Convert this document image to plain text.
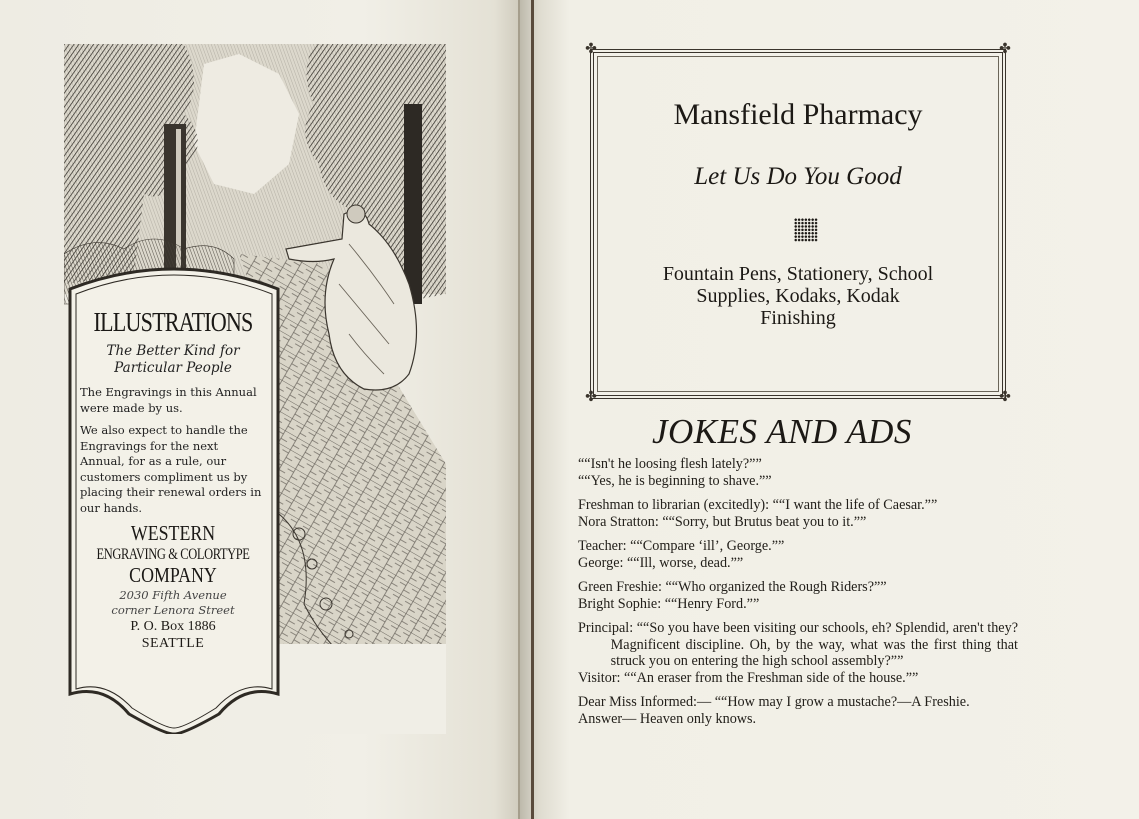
ILLUSTRATIONS
The Better Kind for
Particular People

The Engravings in this Annual were made by us.

We also expect to handle the Engravings for the next Annual, for as a rule, our customers compliment us by placing their renewal orders in our hands.

WESTERN
ENGRAVING & COLORTYPE
COMPANY
2030 Fifth Avenue
corner Lenora Street
P. O. Box 1886
SEATTLE
✤	✤
✤	✤
Mansfield Pharmacy
Let Us Do You Good
Fountain Pens, Stationery, School
Supplies, Kodaks, Kodak
Finishing
JOKES AND ADS
““Isn't he loosing flesh lately?””
““Yes, he is beginning to shave.””
Freshman to librarian (excitedly): ““I want the life of Caesar.””
Nora Stratton: ““Sorry, but Brutus beat you to it.””
Teacher: ““Compare ‘ill’, George.””
George: ““Ill, worse, dead.””
Green Freshie: ““Who organized the Rough Riders?””
Bright Sophie: ““Henry Ford.””
Principal: ““So you have been visiting our schools, eh? Splendid, aren't they? Magnificent discipline. Oh, by the way, what was the first thing that struck you on entering the high school assembly?””
Visitor: ““An eraser from the Freshman side of the house.””
Dear Miss Informed:— ““How may I grow a mustache?—A Freshie.
Answer— Heaven only knows.
